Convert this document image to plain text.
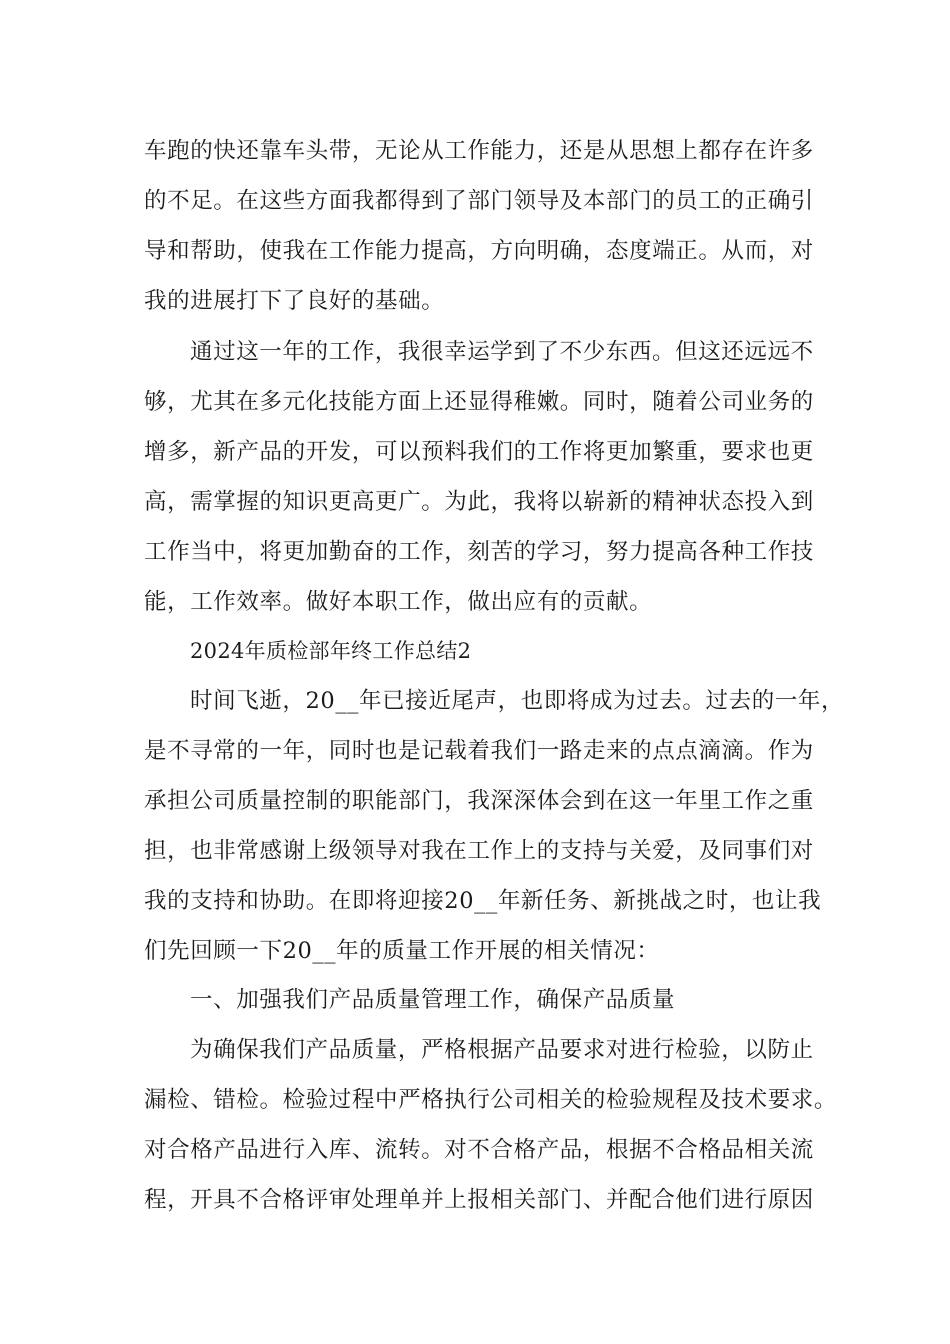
车跑的快还靠车头带，无论从工作能力，还是从思想上都存在许多
的不足。在这些方面我都得到了部门领导及本部门的员工的正确引
导和帮助，使我在工作能力提高，方向明确，态度端正。从而，对
我的进展打下了良好的基础。
通过这一年的工作，我很幸运学到了不少东西。但这还远远不
够，尤其在多元化技能方面上还显得稚嫩。同时，随着公司业务的
增多，新产品的开发，可以预料我们的工作将更加繁重，要求也更
高，需掌握的知识更高更广。为此，我将以崭新的精神状态投入到
工作当中，将更加勤奋的工作，刻苦的学习，努力提高各种工作技
能，工作效率。做好本职工作，做出应有的贡献。
2024年质检部年终工作总结2
时间飞逝，20__年已接近尾声，也即将成为过去。过去的一年，
是不寻常的一年，同时也是记载着我们一路走来的点点滴滴。作为
承担公司质量控制的职能部门，我深深体会到在这一年里工作之重
担，也非常感谢上级领导对我在工作上的支持与关爱，及同事们对
我的支持和协助。在即将迎接20__年新任务、新挑战之时，也让我
们先回顾一下20__年的质量工作开展的相关情况：
一、加强我们产品质量管理工作，确保产品质量
为确保我们产品质量，严格根据产品要求对进行检验，以防止
漏检、错检。检验过程中严格执行公司相关的检验规程及技术要求。
对合格产品进行入库、流转。对不合格产品，根据不合格品相关流
程，开具不合格评审处理单并上报相关部门、并配合他们进行原因
